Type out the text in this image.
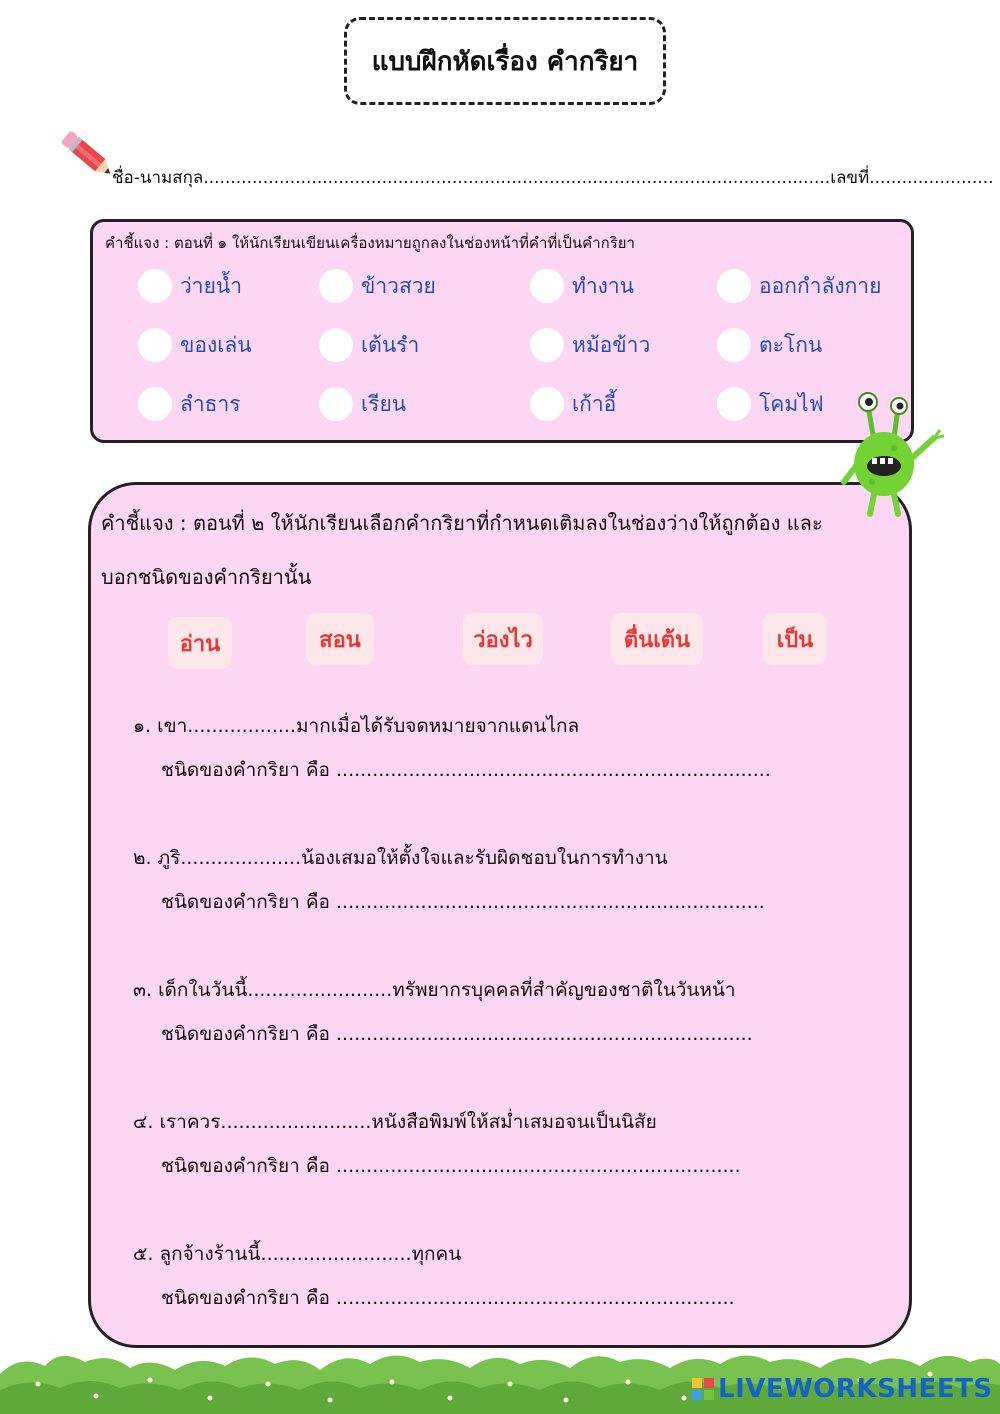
แบบฝึกหัดเรื่อง คำกริยา
ชื่อ-นามสกุล....................................................................................................................เลขที่.......................
คำชี้แจง : ตอนที่ ๑ ให้นักเรียนเขียนเครื่องหมายถูกลงในช่องหน้าที่คำที่เป็นคำกริยา
ว่ายน้ำ	ข้าวสวย	ทำงาน	ออกกำลังกาย
ของเล่น	เต้นรำ	หม้อข้าว	ตะโกน
ลำธาร	เรียน	เก้าอี้	โคมไฟ
คำชี้แจง : ตอนที่ ๒ ให้นักเรียนเลือกคำกริยาที่กำหนดเติมลงในช่องว่างให้ถูกต้อง และ
บอกชนิดของคำกริยานั้น
อ่าน	สอน	ว่องไว	ตื่นเต้น	เป็น
๑. เขา..................มากเมื่อได้รับจดหมายจากแดนไกล
ชนิดของคำกริยา คือ ........................................................................
๒. ภูริ....................น้องเสมอให้ตั้งใจและรับผิดชอบในการทำงาน
ชนิดของคำกริยา คือ .......................................................................
๓. เด็กในวันนี้........................ทรัพยากรบุคคลที่สำคัญของชาติในวันหน้า
ชนิดของคำกริยา คือ .....................................................................
๔. เราควร.........................หนังสือพิมพ์ให้สม่ำเสมอจนเป็นนิสัย
ชนิดของคำกริยา คือ ...................................................................
๕. ลูกจ้างร้านนี้.........................ทุกคน
ชนิดของคำกริยา คือ ..................................................................
LIVEWORKSHEETS
